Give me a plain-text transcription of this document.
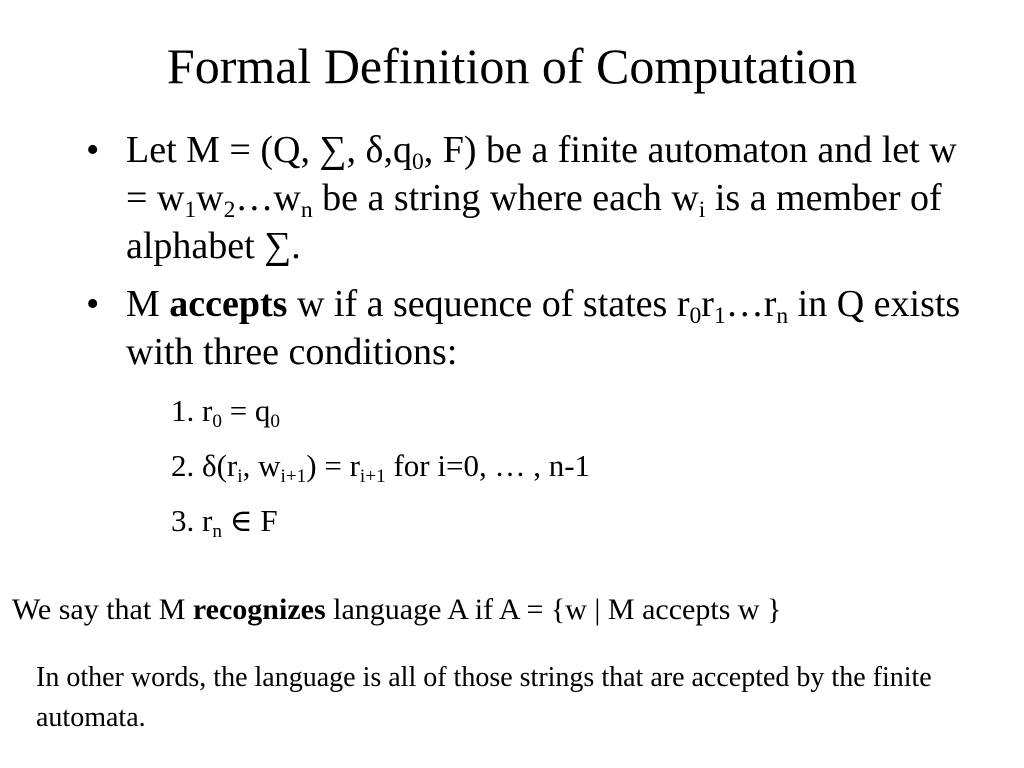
Formal Definition of Computation
• Let M = (Q, ∑, $\delta,q_0$, F) be a finite automaton and let $w = w_1w_2\dots w_n$ be a string where each $w_i$ is a member of alphabet ∑.
• M accepts w if a sequence of states $r_0r_1\dots r_n$ in Q exists with three conditions:
1. $r_0 = q_0$
2. $\delta(r_i$, $w_{i+1}) = r_{i+1}$ for i=0, … , n-1
3. $r_n$ ∈ F

We say that M recognizes language A if A = {w | M accepts w }

In other words, the language is all of those strings that are accepted by the finite automata.
